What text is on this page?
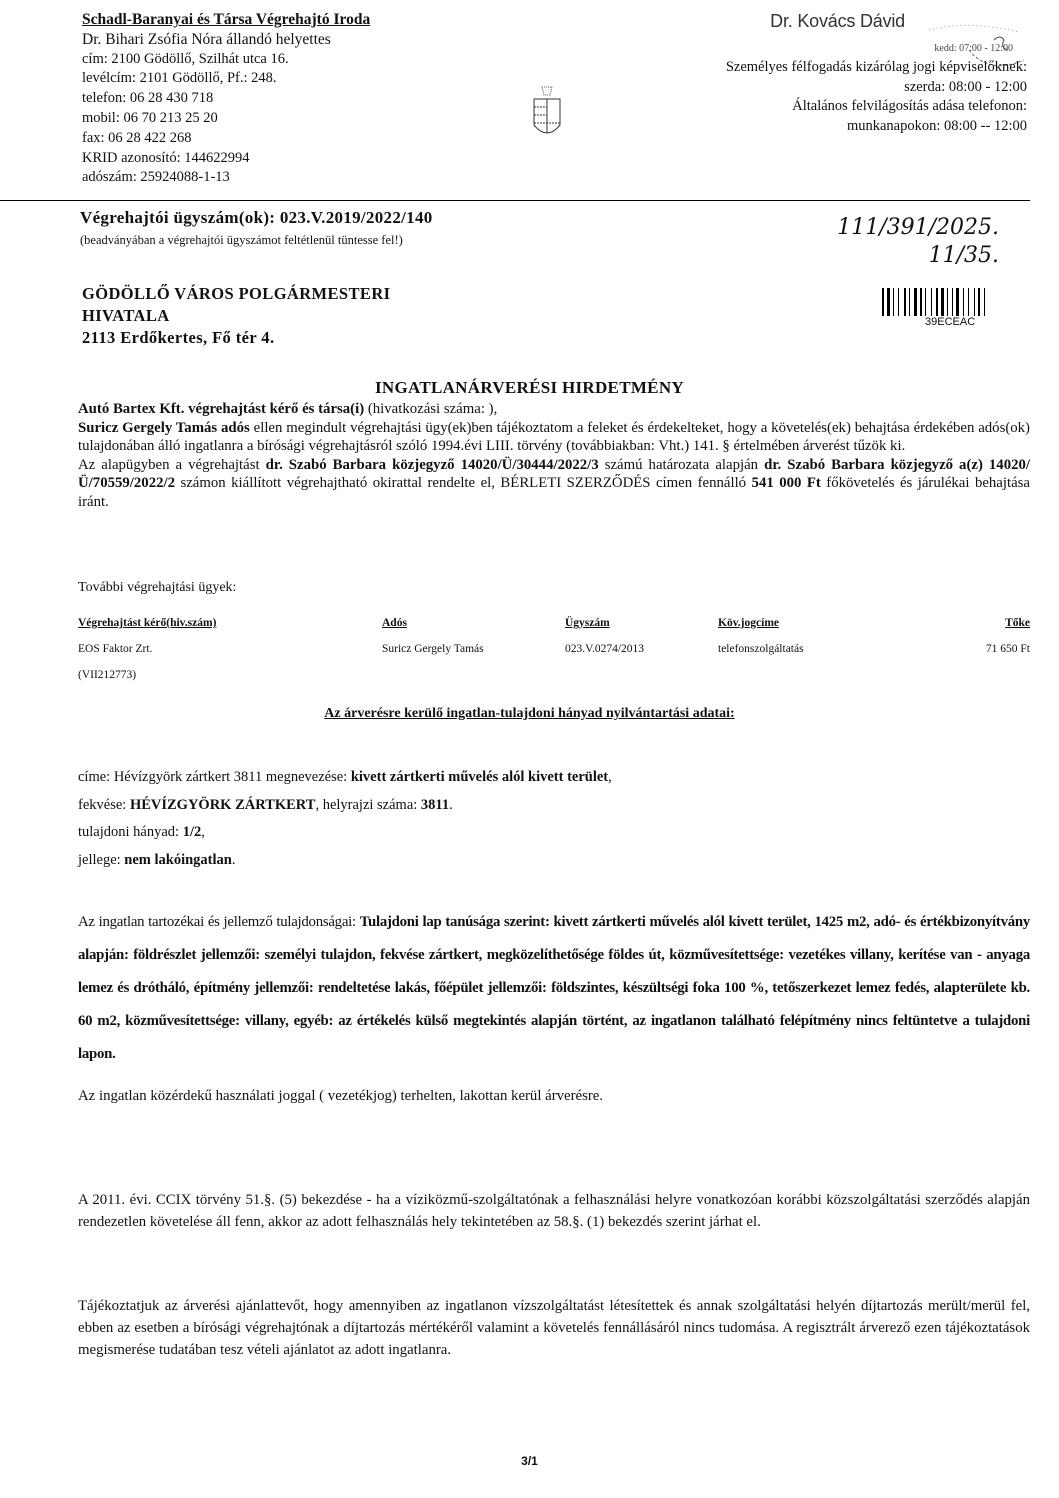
Schadl-Baranyai és Társa Végrehajtó Iroda
Dr. Bihari Zsófia Nóra állandó helyettes
cím: 2100 Gödöllő, Szilhát utca 16.
levélcím: 2101 Gödöllő, Pf.: 248.
telefon: 06 28 430 718
mobil: 06 70 213 25 20
fax: 06 28 422 268
KRID azonosító: 144622994
adószám: 25924088-1-13
Dr. Kovács Dávid
kedd: 07:00 - 12:00
Személyes félfogadás kizárólag jogi képviselőknek:
szerda: 08:00 - 12:00
Általános felvilágosítás adása telefonon:
munkanapokon: 08:00 -- 12:00
Végrehajtói ügyszám(ok): 023.V.2019/2022/140
(beadványában a végrehajtói ügyszámot feltétlenül tüntesse fel!)	111/391/2025.
11/35.
39ECEAC
GÖDÖLLŐ VÁROS POLGÁRMESTERI
HIVATALA
2113 Erdőkertes, Fő tér 4.
INGATLANÁRVERÉSI HIRDETMÉNY

Autó Bartex Kft. végrehajtást kérő és társa(i) (hivatkozási száma: ),

Suricz Gergely Tamás adós ellen megindult végrehajtási ügy(ek)ben tájékoztatom a feleket és érdekelteket, hogy a követelés(ek) behajtása érdekében adós(ok) tulajdonában álló ingatlanra a bírósági végrehajtásról szóló 1994.évi LIII. törvény (továbbiakban: Vht.) 141. § értelmében árverést tűzök ki.

Az alapügyben a végrehajtást dr. Szabó Barbara közjegyző 14020/Ü/30444/2022/3 számú határozata alapján dr. Szabó Barbara közjegyző a(z) 14020/Ü/70559/2022/2 számon kiállított végrehajtható okirattal rendelte el, BÉRLETI SZERZŐDÉS címen fennálló 541 000 Ft főkövetelés és járulékai behajtása iránt.

További végrehajtási ügyek:
Végrehajtást kérő(hiv.szám)	Adós	Ügyszám	Köv.jogcíme	Tőke
EOS Faktor Zrt.	Suricz Gergely Tamás	023.V.0274/2013	telefonszolgáltatás	71 650 Ft
(VII212773)
Az árverésre kerülő ingatlan-tulajdoni hányad nyilvántartási adatai:
címe: Hévízgyörk zártkert 3811 megnevezése: kivett zártkerti művelés alól kivett terület,
fekvése: HÉVÍZGYÖRK ZÁRTKERT, helyrajzi száma: 3811.
tulajdoni hányad: 1/2,
jellege: nem lakóingatlan.
Az ingatlan tartozékai és jellemző tulajdonságai: Tulajdoni lap tanúsága szerint: kivett zártkerti művelés alól kivett terület, 1425 m2, adó- és értékbizonyítvány alapján: földrészlet jellemzői: személyi tulajdon, fekvése zártkert, megközelíthetősége földes út, közművesítettsége: vezetékes villany, kerítése van - anyaga lemez és drótháló, építmény jellemzői: rendeltetése lakás, főépület jellemzői: földszintes, készültségi foka 100 %, tetőszerkezet lemez fedés, alapterülete kb. 60 m2, közművesítettsége: villany, egyéb: az értékelés külső megtekintés alapján történt, az ingatlanon található felépítmény nincs feltüntetve a tulajdoni lapon.
Az ingatlan közérdekű használati joggal ( vezetékjog) terhelten, lakottan kerül árverésre.
A 2011. évi. CCIX törvény 51.§. (5) bekezdése - ha a víziközmű-szolgáltatónak a felhasználási helyre vonatkozóan korábbi közszolgáltatási szerződés alapján rendezetlen követelése áll fenn, akkor az adott felhasználás hely tekintetében az 58.§. (1) bekezdés szerint járhat el.
Tájékoztatjuk az árverési ajánlattevőt, hogy amennyiben az ingatlanon vízszolgáltatást létesítettek és annak szolgáltatási helyén díjtartozás merült/merül fel, ebben az esetben a bírósági végrehajtónak a díjtartozás mértékéről valamint a követelés fennállásáról nincs tudomása. A regisztrált árverező ezen tájékoztatások megismerése tudatában tesz vételi ajánlatot az adott ingatlanra.
3/1
